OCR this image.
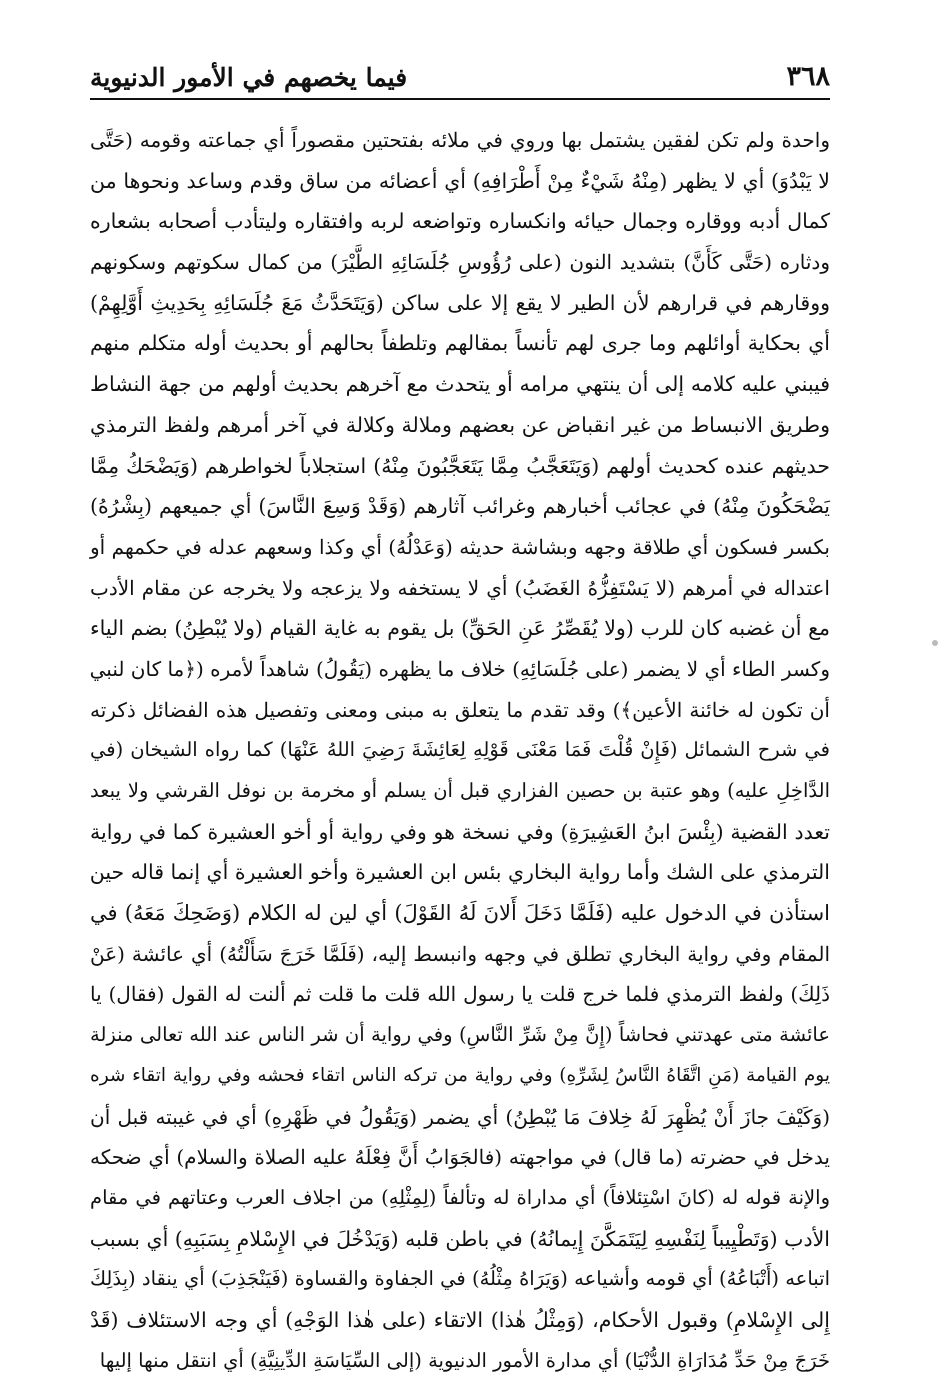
٣٦٨
فيما يخصهم في الأمور الدنيوية
واحدة ولم تكن لفقين يشتمل بها وروي في ملائه بفتحتين مقصوراً أي جماعته وقومه (حَتَّى
لا يَبْدُوَ) أي لا يظهر (مِنْهُ شَيْءٌ مِنْ أَطْرَافِهِ) أي أعضائه من ساق وقدم وساعد ونحوها من
كمال أدبه ووقاره وجمال حيائه وانكساره وتواضعه لربه وافتقاره وليتأدب أصحابه بشعاره
ودثاره (حَتَّى كَأَنَّ) بتشديد النون (على رُؤُوسِ جُلَسَائِهِ الطَّيْرَ) من كمال سكوتهم وسكونهم
ووقارهم في قرارهم لأن الطير لا يقع إلا على ساكن (وَيَتَحَدَّثُ مَعَ جُلَسَائِهِ بِحَدِيثِ أَوَّلِهِمْ)
أي بحكاية أوائلهم وما جرى لهم تأنساً بمقالهم وتلطفاً بحالهم أو بحديث أوله متكلم منهم
فيبني عليه كلامه إلى أن ينتهي مرامه أو يتحدث مع آخرهم بحديث أولهم من جهة النشاط
وطريق الانبساط من غير انقباض عن بعضهم وملالة وكلالة في آخر أمرهم ولفظ الترمذي
حديثهم عنده كحديث أولهم (وَيَتَعَجَّبُ مِمَّا يَتَعَجَّبُونَ مِنْهُ) استجلاباً لخواطرهم (وَيَضْحَكُ مِمَّا
يَضْحَكُونَ مِنْهُ) في عجائب أخبارهم وغرائب آثارهم (وَقَدْ وَسِعَ النَّاسَ) أي جميعهم (بِشْرُهُ)
بكسر فسكون أي طلاقة وجهه وبشاشة حديثه (وَعَدْلُهُ) أي وكذا وسعهم عدله في حكمهم أو
اعتداله في أمرهم (لا يَسْتَفِزُّهُ الغَضَبُ) أي لا يستخفه ولا يزعجه ولا يخرجه عن مقام الأدب
مع أن غضبه كان للرب (ولا يُقَصِّرُ عَنِ الحَقِّ) بل يقوم به غاية القيام (ولا يُبْطِنُ) بضم الياء
وكسر الطاء أي لا يضمر (على جُلَسَائِهِ) خلاف ما يظهره (يَقُولُ) شاهداً لأمره (﴿ما كان لنبي
أن تكون له خائنة الأعين﴾) وقد تقدم ما يتعلق به مبنى ومعنى وتفصيل هذه الفضائل ذكرته
في شرح الشمائل (فَإِنْ قُلْتَ فَمَا مَعْنَى قَوْلِهِ لِعَائِشَةَ رَضِيَ اللهُ عَنْهَا) كما رواه الشيخان (في
الدَّاخِلِ عليه) وهو عتبة بن حصين الفزاري قبل أن يسلم أو مخرمة بن نوفل القرشي ولا يبعد
تعدد القضية (بِئْسَ ابنُ العَشِيرَةِ) وفي نسخة هو وفي رواية أو أخو العشيرة كما في رواية
الترمذي على الشك وأما رواية البخاري بئس ابن العشيرة وأخو العشيرة أي إنما قاله حين
استأذن في الدخول عليه (فَلَمَّا دَخَلَ أَلانَ لَهُ القَوْلَ) أي لين له الكلام (وَضَحِكَ مَعَهُ) في
المقام وفي رواية البخاري تطلق في وجهه وانبسط إليه، (فَلَمَّا خَرَجَ سَأَلْتُهُ) أي عائشة (عَنْ
ذَلِكَ) ولفظ الترمذي فلما خرج قلت يا رسول الله قلت ما قلت ثم ألنت له القول (فقال) يا
عائشة متى عهدتني فحاشاً (إِنَّ مِنْ شَرِّ النَّاسِ) وفي رواية أن شر الناس عند الله تعالى منزلة
يوم القيامة (مَنِ اتَّقَاهُ النَّاسُ لِشَرِّهِ) وفي رواية من تركه الناس اتقاء فحشه وفي رواية اتقاء شره
(وَكَيْفَ جازَ أَنْ يُظْهِرَ لَهُ خِلافَ مَا يُبْطِنُ) أي يضمر (وَيَقُولُ في ظَهْرِهِ) أي في غيبته قبل أن
يدخل في حضرته (ما قال) في مواجهته (فالجَوَابُ أَنَّ فِعْلَهُ عليه الصلاة والسلام) أي ضحكه
والإنة قوله له (كانَ اسْتِئلافاً) أي مداراة له وتألفاً (لِمِثْلِهِ) من اجلاف العرب وعتاتهم في مقام
الأدب (وَتَطْيِيباً لِنَفْسِهِ لِيَتَمَكَّنَ إِيمانُهُ) في باطن قلبه (وَيَدْخُلَ في الإِسْلامِ بِسَبَبِهِ) أي بسبب
اتباعه (أَتْبَاعُهُ) أي قومه وأشياعه (وَيَرَاهُ مِثْلُهُ) في الجفاوة والقساوة (فَيَنْجَذِبَ) أي ينقاد (بِذَلِكَ
إِلى الإِسْلامِ) وقبول الأحكام، (وَمِثْلُ هٰذا) الاتقاء (على هٰذا الوَجْهِ) أي وجه الاستئلاف (قَدْ
خَرَجَ مِنْ حَدِّ مُدَارَاةِ الدُّنْيَا) أي مدارة الأمور الدنيوية (إلى السِّيَاسَةِ الدِّينِيَّةِ) أي انتقل منها إليها
